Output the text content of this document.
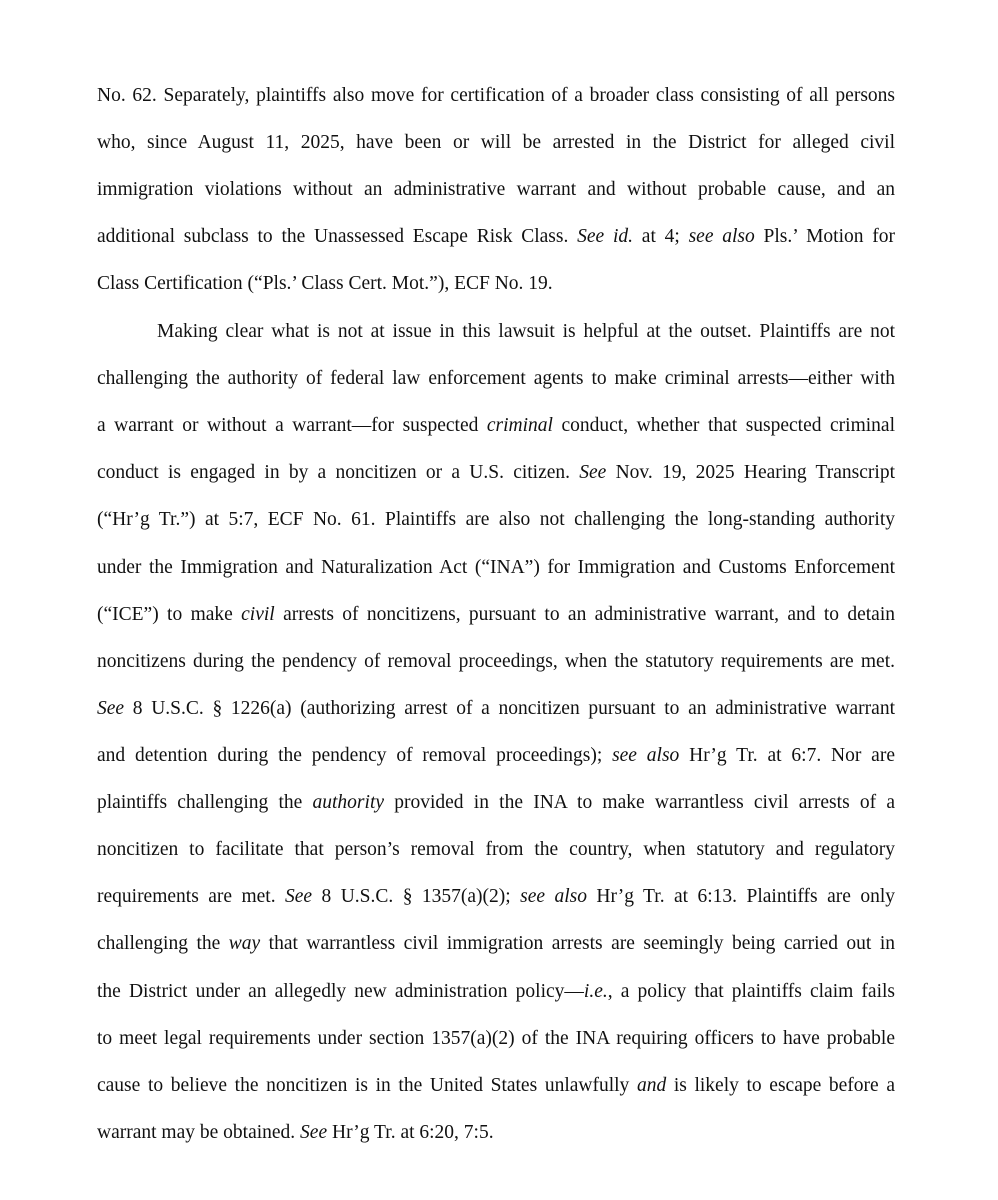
No. 62. Separately, plaintiffs also move for certification of a broader class consisting of all persons
who, since August 11, 2025, have been or will be arrested in the District for alleged civil
immigration violations without an administrative warrant and without probable cause, and an
additional subclass to the Unassessed Escape Risk Class. See id. at 4; see also Pls.’ Motion for
Class Certification (“Pls.’ Class Cert. Mot.”), ECF No. 19.
Making clear what is not at issue in this lawsuit is helpful at the outset. Plaintiffs are not
challenging the authority of federal law enforcement agents to make criminal arrests—either with
a warrant or without a warrant—for suspected criminal conduct, whether that suspected criminal
conduct is engaged in by a noncitizen or a U.S. citizen. See Nov. 19, 2025 Hearing Transcript
(“Hr’g Tr.”) at 5:7, ECF No. 61. Plaintiffs are also not challenging the long-standing authority
under the Immigration and Naturalization Act (“INA”) for Immigration and Customs Enforcement
(“ICE”) to make civil arrests of noncitizens, pursuant to an administrative warrant, and to detain
noncitizens during the pendency of removal proceedings, when the statutory requirements are met.
See 8 U.S.C. § 1226(a) (authorizing arrest of a noncitizen pursuant to an administrative warrant
and detention during the pendency of removal proceedings); see also Hr’g Tr. at 6:7. Nor are
plaintiffs challenging the authority provided in the INA to make warrantless civil arrests of a
noncitizen to facilitate that person’s removal from the country, when statutory and regulatory
requirements are met. See 8 U.S.C. § 1357(a)(2); see also Hr’g Tr. at 6:13. Plaintiffs are only
challenging the way that warrantless civil immigration arrests are seemingly being carried out in
the District under an allegedly new administration policy—i.e., a policy that plaintiffs claim fails
to meet legal requirements under section 1357(a)(2) of the INA requiring officers to have probable
cause to believe the noncitizen is in the United States unlawfully and is likely to escape before a
warrant may be obtained. See Hr’g Tr. at 6:20, 7:5.
